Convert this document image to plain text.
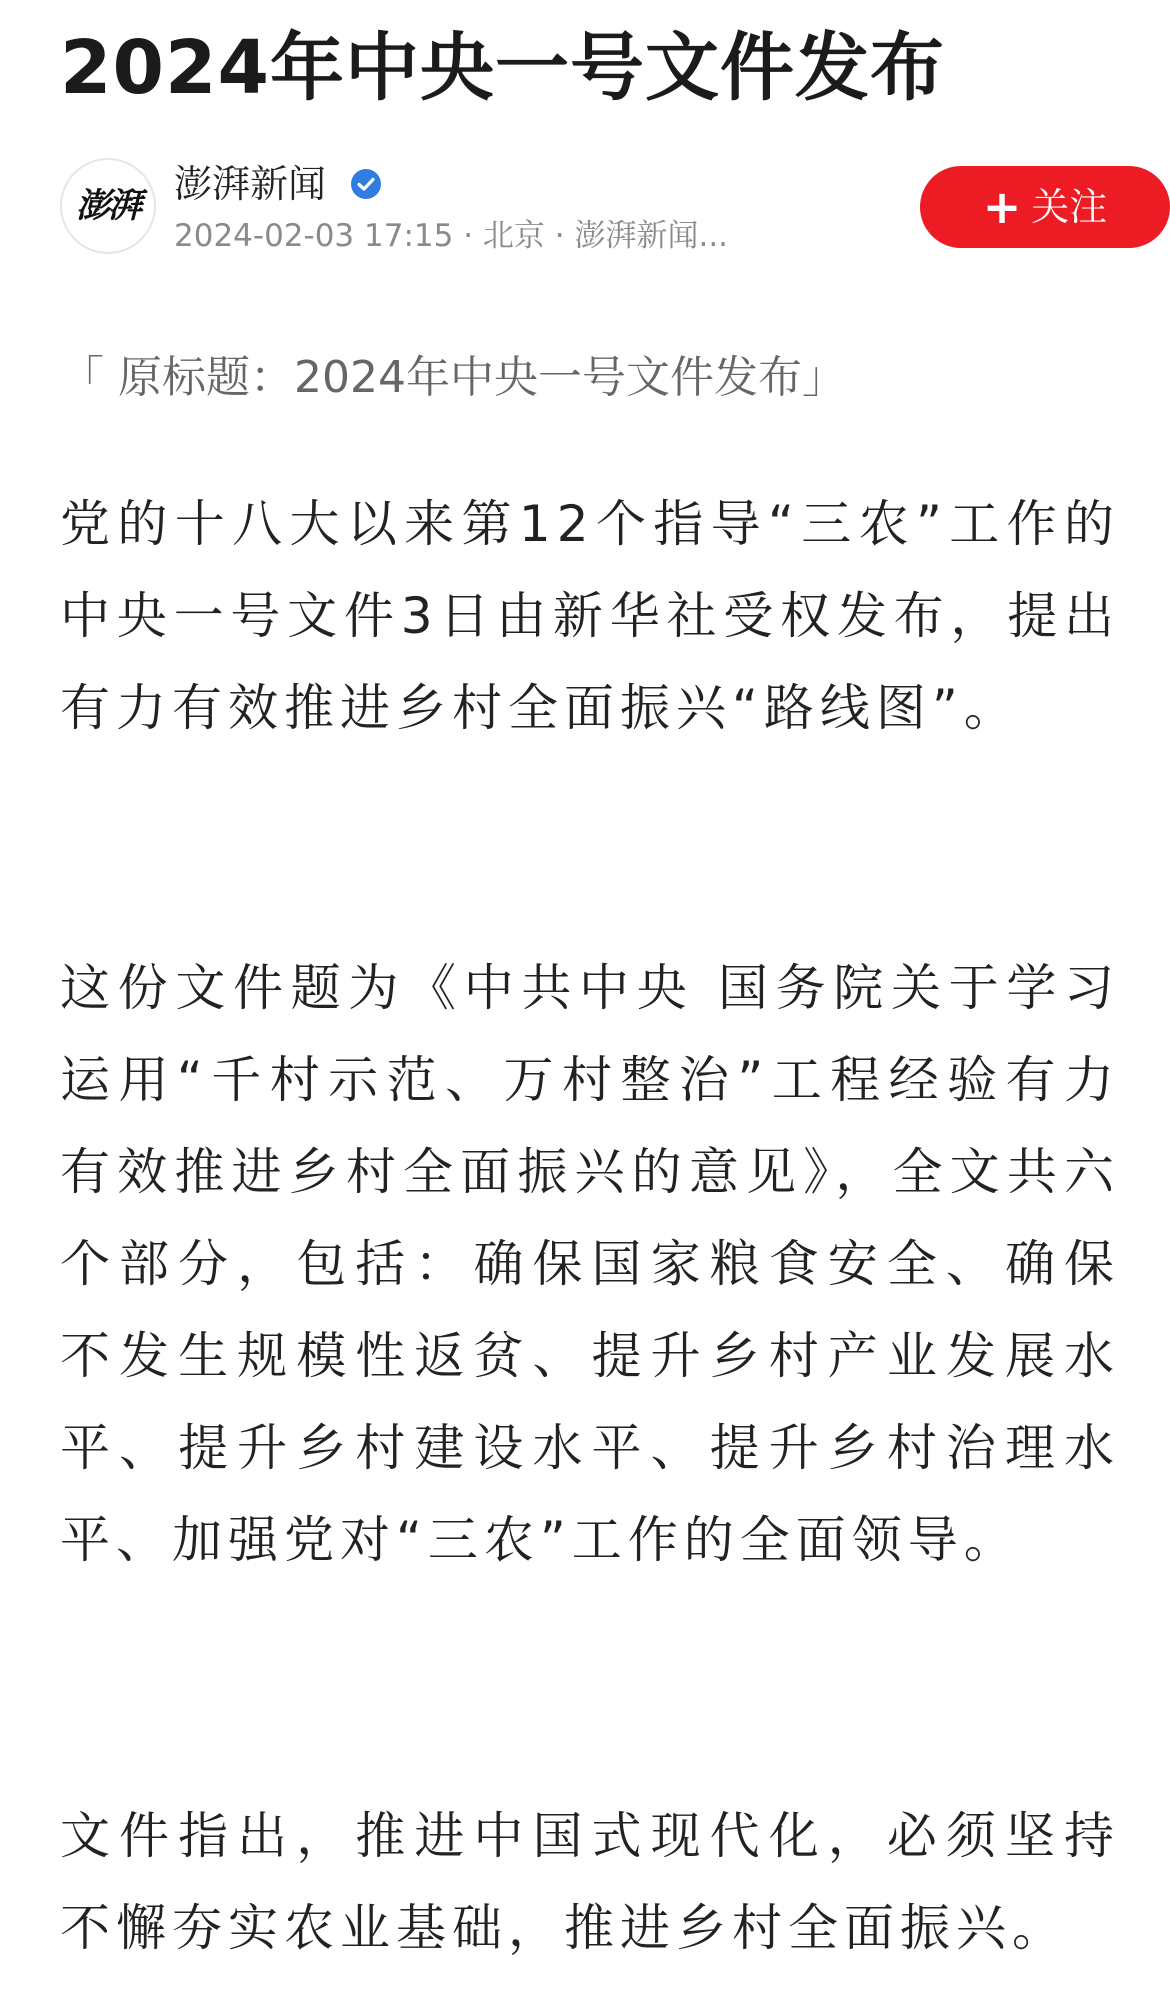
2024年中央一号文件发布
澎湃 澎湃新闻
2024-02-03 17:15 · 北京 · 澎湃新闻...
+ 关注
「 原标题：2024年中央一号文件发布」

党的十八大以来第12个指导“三农”工作的中央一号文件3日由新华社受权发布，提出有力有效推进乡村全面振兴“路线图”。

这份文件题为《中共中央 国务院关于学习运用“千村示范、万村整治”工程经验有力有效推进乡村全面振兴的意见》，全文共六个部分，包括：确保国家粮食安全、确保不发生规模性返贫、提升乡村产业发展水平、提升乡村建设水平、提升乡村治理水平、加强党对“三农”工作的全面领导。

文件指出，推进中国式现代化，必须坚持不懈夯实农业基础，推进乡村全面振兴。
